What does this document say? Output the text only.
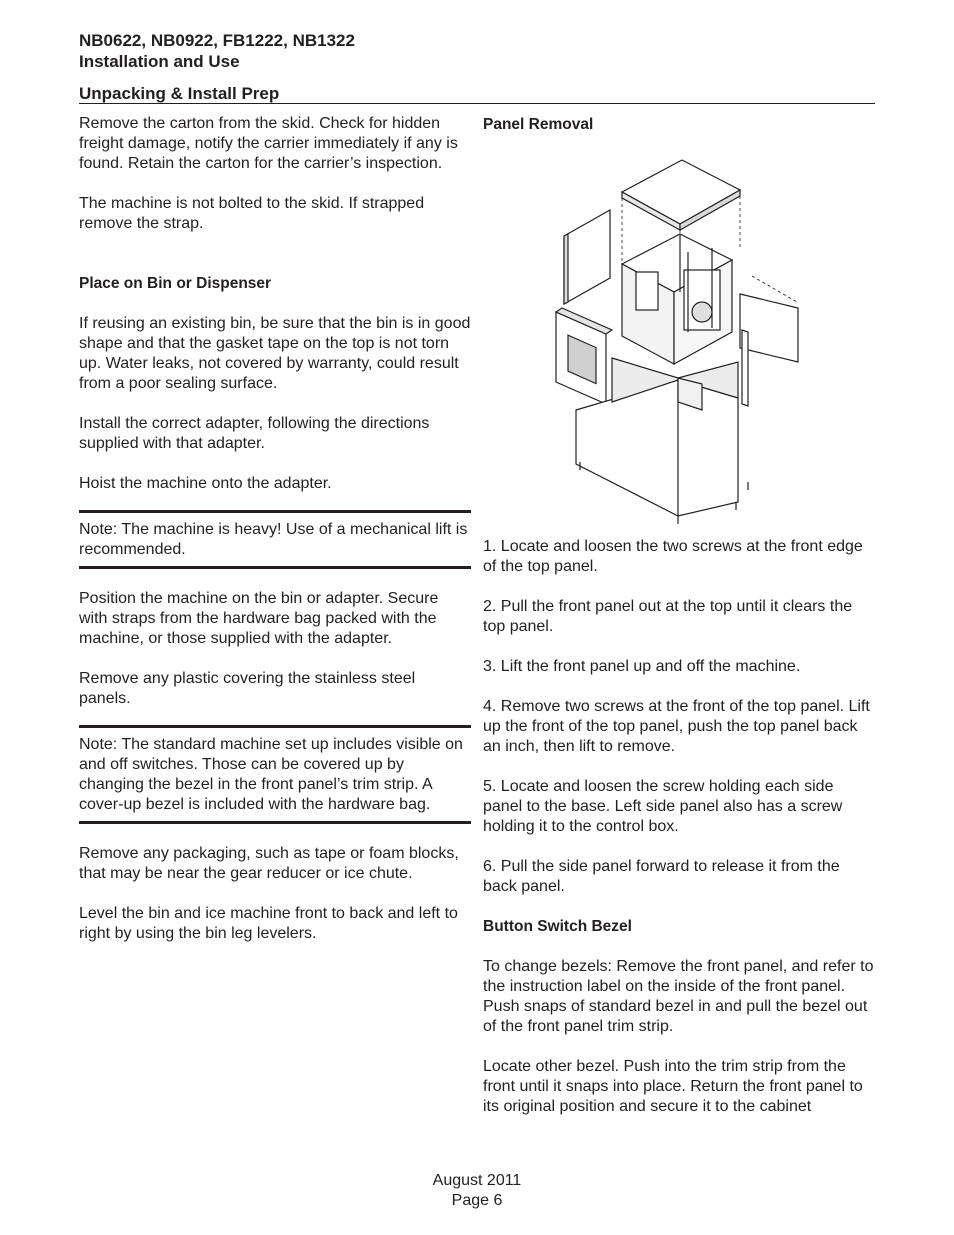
NB0622, NB0922, FB1222, NB1322
Installation and Use
Unpacking & Install Prep

Remove the carton from the skid. Check for hidden freight damage, notify the carrier immediately if any is found. Retain the carton for the carrier’s inspection.

The machine is not bolted to the skid. If strapped remove the strap.

Place on Bin or Dispenser

If reusing an existing bin, be sure that the bin is in good shape and that the gasket tape on the top is not torn up. Water leaks, not covered by warranty, could result from a poor sealing surface.

Install the correct adapter, following the directions supplied with that adapter.

Hoist the machine onto the adapter.

Note: The machine is heavy! Use of a mechanical lift is recommended.

Position the machine on the bin or adapter. Secure with straps from the hardware bag packed with the machine, or those supplied with the adapter.

Remove any plastic covering the stainless steel panels.

Note: The standard machine set up includes visible on and off switches. Those can be covered up by changing the bezel in the front panel’s trim strip. A cover-up bezel is included with the hardware bag.

Remove any packaging, such as tape or foam blocks, that may be near the gear reducer or ice chute.

Level the bin and ice machine front to back and left to right by using the bin leg levelers.

Panel Removal

1. Locate and loosen the two screws at the front edge of the top panel.

2. Pull the front panel out at the top until it clears the top panel.

3. Lift the front panel up and off the machine.

4. Remove two screws at the front of the top panel. Lift up the front of the top panel, push the top panel back an inch, then lift to remove.

5. Locate and loosen the screw holding each side panel to the base. Left side panel also has a screw holding it to the control box.

6. Pull the side panel forward to release it from the back panel.

Button Switch Bezel

To change bezels: Remove the front panel, and refer to the instruction label on the inside of the front panel. Push snaps of standard bezel in and pull the bezel out of the front panel trim strip.

Locate other bezel. Push into the trim strip from the front until it snaps into place. Return the front panel to its original position and secure it to the cabinet

August 2011
Page 6
